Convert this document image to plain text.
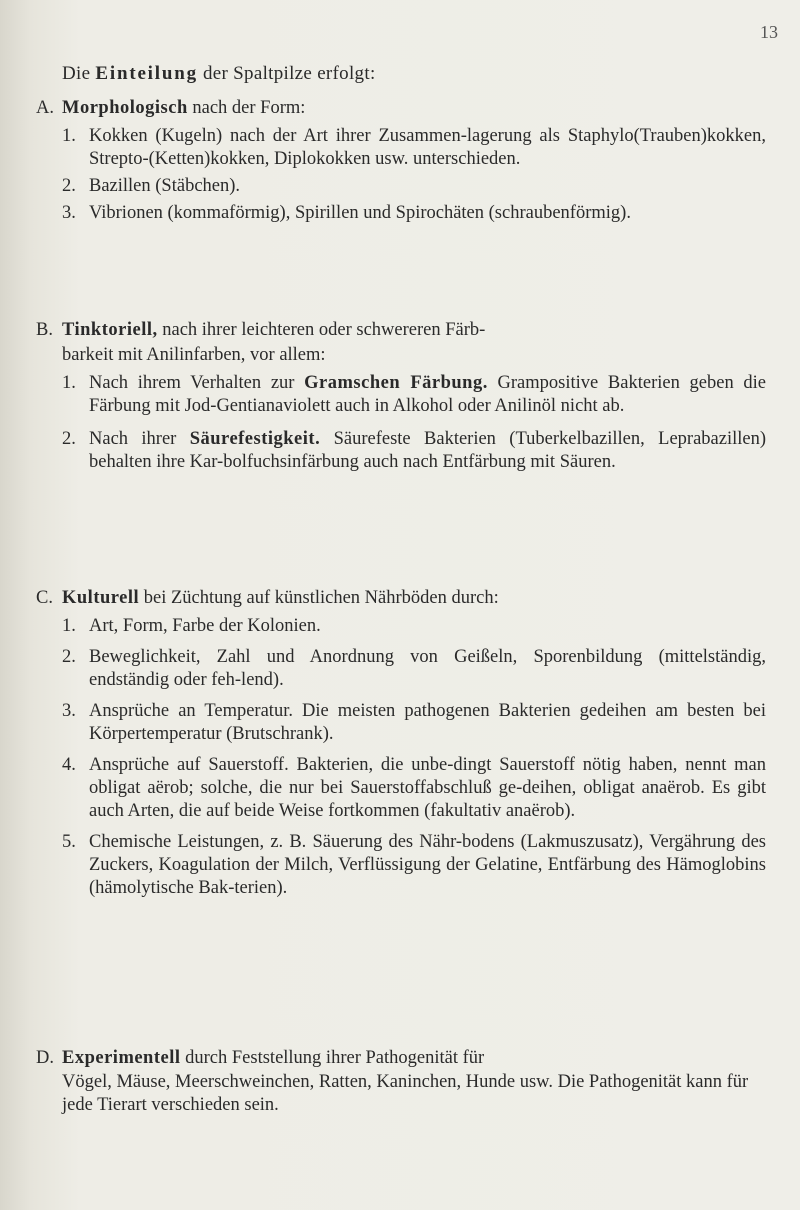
13
Die Einteilung der Spaltpilze erfolgt:
A. Morphologisch nach der Form:
1. Kokken (Kugeln) nach der Art ihrer Zusammen-lagerung als Staphylo(Trauben)kokken, Strepto-(Ketten)kokken, Diplokokken usw. unterschieden.
2. Bazillen (Stäbchen).
3. Vibrionen (kommaförmig), Spirillen und Spirochäten (schraubenförmig).
B. Tinktoriell, nach ihrer leichteren oder schwereren Färb-
barkeit mit Anilinfarben, vor allem:
1. Nach ihrem Verhalten zur Gramschen Färbung. Grampositive Bakterien geben die Färbung mit Jod-Gentianaviolett auch in Alkohol oder Anilinöl nicht ab.
2. Nach ihrer Säurefestigkeit. Säurefeste Bakterien (Tuberkelbazillen, Leprabazillen) behalten ihre Kar-bolfuchsinfärbung auch nach Entfärbung mit Säuren.
C. Kulturell bei Züchtung auf künstlichen Nährböden durch:
1. Art, Form, Farbe der Kolonien.
2. Beweglichkeit, Zahl und Anordnung von Geißeln, Sporenbildung (mittelständig, endständig oder feh-lend).
3. Ansprüche an Temperatur. Die meisten pathogenen Bakterien gedeihen am besten bei Körpertemperatur (Brutschrank).
4. Ansprüche auf Sauerstoff. Bakterien, die unbe-dingt Sauerstoff nötig haben, nennt man obligat aërob; solche, die nur bei Sauerstoffabschluß ge-deihen, obligat anaërob. Es gibt auch Arten, die auf beide Weise fortkommen (fakultativ anaërob).
5. Chemische Leistungen, z. B. Säuerung des Nähr-bodens (Lakmuszusatz), Vergährung des Zuckers, Koagulation der Milch, Verflüssigung der Gelatine, Entfärbung des Hämoglobins (hämolytische Bak-terien).
D. Experimentell durch Feststellung ihrer Pathogenität für
Vögel, Mäuse, Meerschweinchen, Ratten, Kaninchen, Hunde usw. Die Pathogenität kann für jede Tierart verschieden sein.
